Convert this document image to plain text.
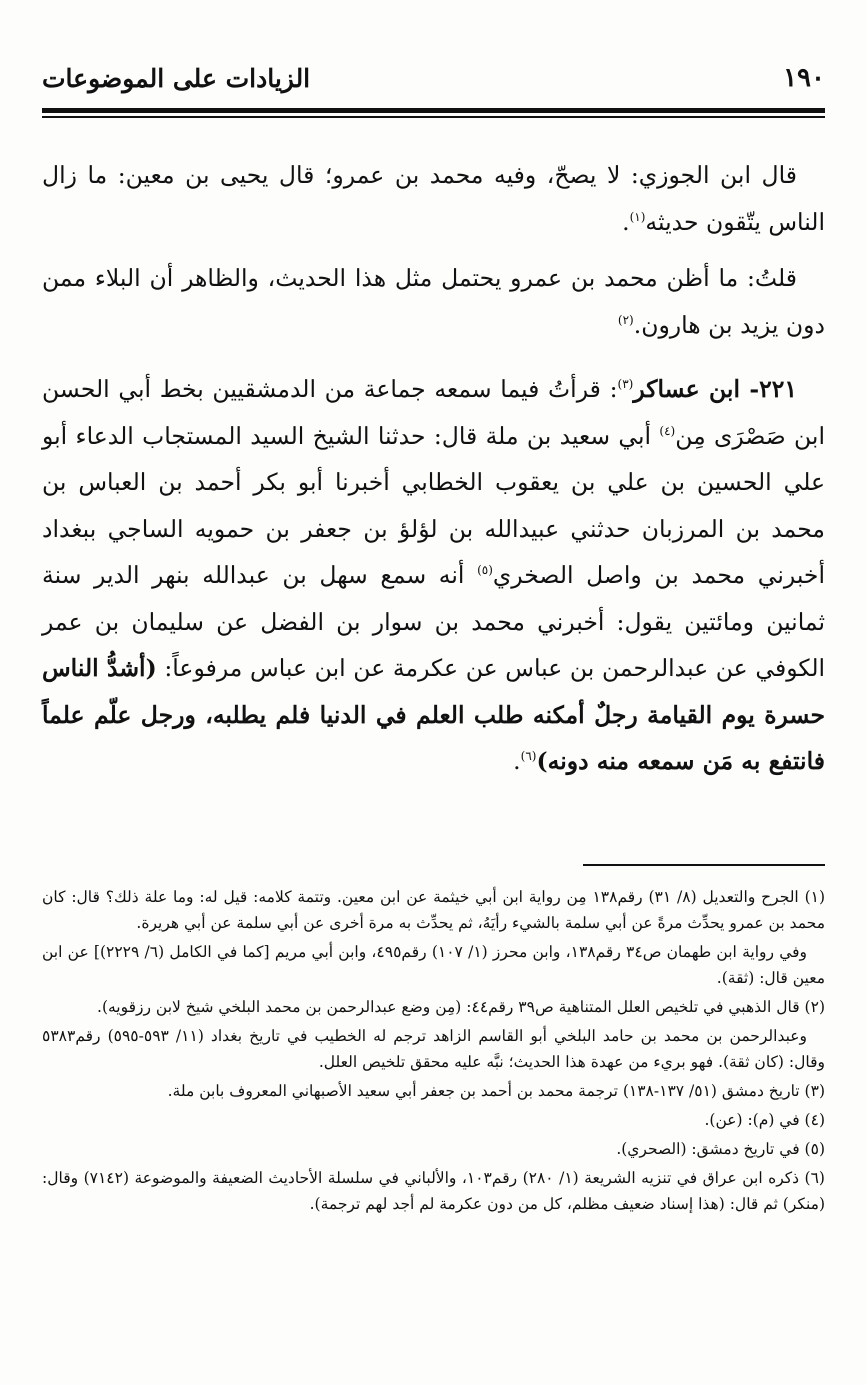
١٩٠
الزيادات على الموضوعات

قال ابن الجوزي: لا يصحّ، وفيه محمد بن عمرو؛ قال يحيى بن معين: ما زال الناس يتّقون حديثه$^{(١)}$.

قلتُ: ما أظن محمد بن عمرو يحتمل مثل هذا الحديث، والظاهر أن البلاء ممن دون يزيد بن هارون.$^{(٢)}$

٢٢١- ابن عساكر$^{(٣)}$: قرأتُ فيما سمعه جماعة من الدمشقيين بخط أبي الحسن ابن صَصْرَى مِن$^{(٤)}$ أبي سعيد بن ملة قال: حدثنا الشيخ السيد المستجاب الدعاء أبو علي الحسين بن علي بن يعقوب الخطابي أخبرنا أبو بكر أحمد بن العباس بن محمد بن المرزبان حدثني عبيدالله بن لؤلؤ بن جعفر بن حمويه الساجي ببغداد أخبرني محمد بن واصل الصخري$^{(٥)}$ أنه سمع سهل بن عبدالله بنهر الدير سنة ثمانين ومائتين يقول: أخبرني محمد بن سوار بن الفضل عن سليمان بن عمر الكوفي عن عبدالرحمن بن عباس عن عكرمة عن ابن عباس مرفوعاً: (أشدُّ الناس حسرة يوم القيامة رجلٌ أمكنه طلب العلم في الدنيا فلم يطلبه، ورجل علّم علماً فانتفع به مَن سمعه منه دونه)$^{(٦)}$.

(١) الجرح والتعديل (٨/ ٣١) رقم١٣٨ مِن رواية ابن أبي خيثمة عن ابن معين. وتتمة كلامه: قيل له: وما علة ذلك؟ قال: كان محمد بن عمرو يحدِّث مرةً عن أبي سلمة بالشيء رأيَهُ، ثم يحدِّث به مرة أخرى عن أبي سلمة عن أبي هريرة.

وفي رواية ابن طهمان ص٣٤ رقم١٣٨، وابن محرز (١/ ١٠٧) رقم٤٩٥، وابن أبي مريم [كما في الكامل (٦/ ٢٢٢٩)] عن ابن معين قال: (ثقة).

(٢) قال الذهبي في تلخيص العلل المتناهية ص٣٩ رقم٤٤: (مِن وضع عبدالرحمن بن محمد البلخي شيخ لابن رزقويه).

وعبدالرحمن بن محمد بن حامد البلخي أبو القاسم الزاهد ترجم له الخطيب في تاريخ بغداد (١١/ ٥٩٣-٥٩٥) رقم٥٣٨٣ وقال: (كان ثقة). فهو بريء من عهدة هذا الحديث؛ نبَّه عليه محقق تلخيص العلل.

(٣) تاريخ دمشق (٥١/ ١٣٧-١٣٨) ترجمة محمد بن أحمد بن جعفر أبي سعيد الأصبهاني المعروف بابن ملة.

(٤) في (م): (عن).

(٥) في تاريخ دمشق: (الصحري).

(٦) ذكره ابن عراق في تنزيه الشريعة (١/ ٢٨٠) رقم١٠٣، والألباني في سلسلة الأحاديث الضعيفة والموضوعة (٧١٤٢) وقال: (منكر) ثم قال: (هذا إسناد ضعيف مظلم، كل من دون عكرمة لم أجد لهم ترجمة).
